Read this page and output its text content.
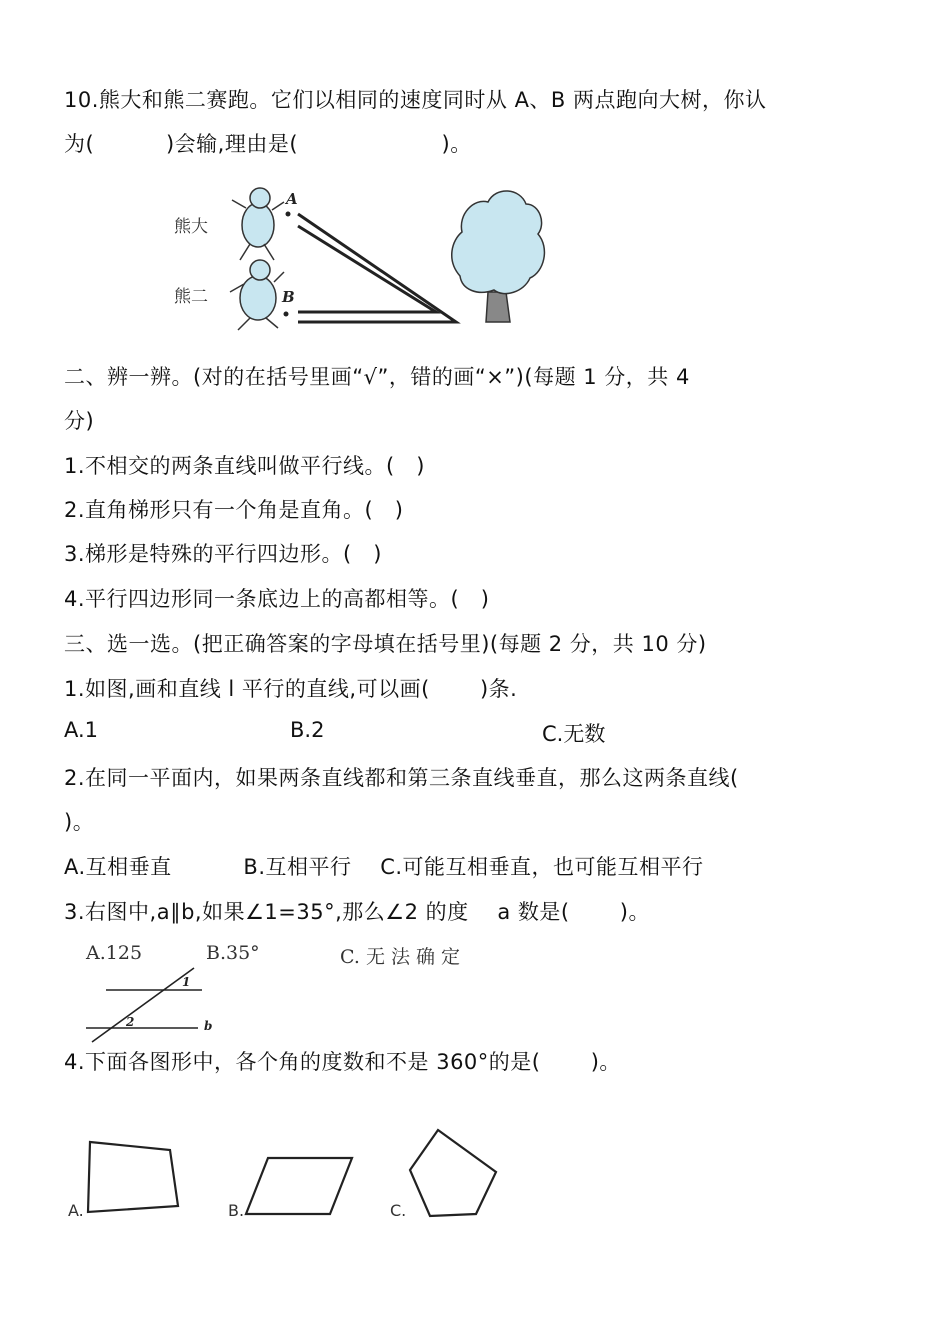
10.熊大和熊二赛跑。它们以相同的速度同时从 A、B 两点跑向大树，你认
为(          )会输,理由是(                    )。
熊大
熊二
A
B
二、辨一辨。(对的在括号里画“√”，错的画“×”)(每题 1 分，共 4
分)
1.不相交的两条直线叫做平行线。(   )
2.直角梯形只有一个角是直角。(   )
3.梯形是特殊的平行四边形。(   )
4.平行四边形同一条底边上的高都相等。(   )
三、选一选。(把正确答案的字母填在括号里)(每题 2 分，共 10 分)
1.如图,画和直线 l 平行的直线,可以画(       )条.
A.1	B.2	C.无数
2.在同一平面内，如果两条直线都和第三条直线垂直，那么这两条直线(
)。
A.互相垂直          B.互相平行    C.可能互相垂直，也可能互相平行
3.右图中,a∥b,如果∠1=35°,那么∠2 的度    a 数是(       )。
A.125	B.35°	C. 无 法 确 定
1
2	b
4.下面各图形中，各个角的度数和不是 360°的是(       )。
A.	B.	C.
